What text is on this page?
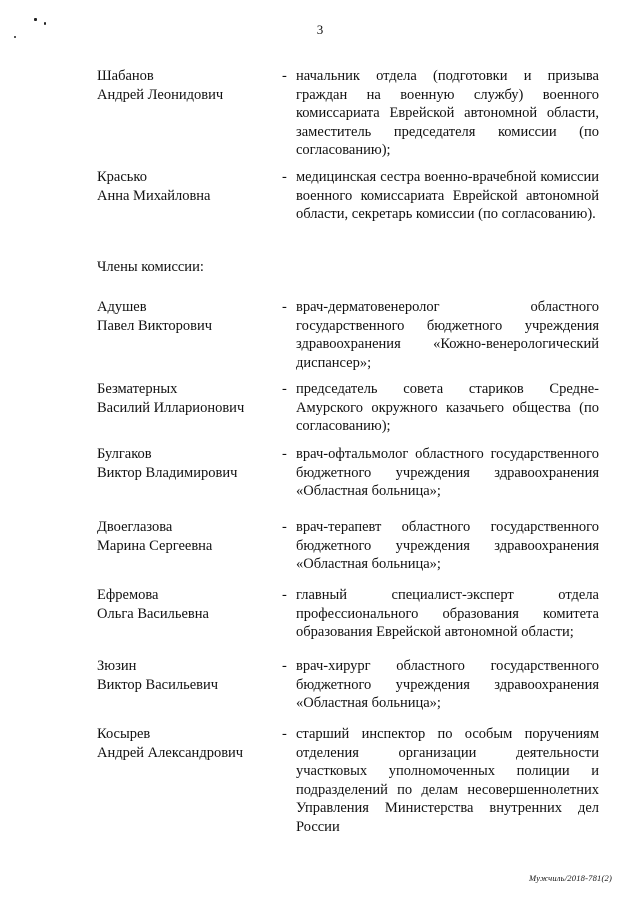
3
Шабанов
Андрей Леонидович
- начальник отдела (подготовки и призыва граждан на военную службу) военного комиссариата Еврейской автономной области, заместитель председателя комиссии (по согласованию);
Красько
Анна Михайловна
- медицинская сестра военно-врачебной комиссии военного комиссариата Еврейской автономной области, секретарь комиссии (по согласованию).
Члены комиссии:
Адушев
Павел Викторович
- врач-дерматовенеролог областного государственного бюджетного учреждения здравоохранения «Кожно-венерологический диспансер»;
Безматерных
Василий Илларионович
- председатель совета стариков Средне-Амурского окружного казачьего общества (по согласованию);
Булгаков
Виктор Владимирович
- врач-офтальмолог областного государственного бюджетного учреждения здравоохранения «Областная больница»;
Двоеглазова
Марина Сергеевна
- врач-терапевт областного государственного бюджетного учреждения здравоохранения «Областная больница»;
Ефремова
Ольга Васильевна
- главный специалист-эксперт отдела профессионального образования комитета образования Еврейской автономной области;
Зюзин
Виктор Васильевич
- врач-хирург областного государственного бюджетного учреждения здравоохранения «Областная больница»;
Косырев
Андрей Александрович
- старший инспектор по особым поручениям отделения организации деятельности участковых уполномоченных полиции и подразделений по делам несовершеннолетних Управления Министерства внутренних дел России
Мужчиль/2018-781(2)
